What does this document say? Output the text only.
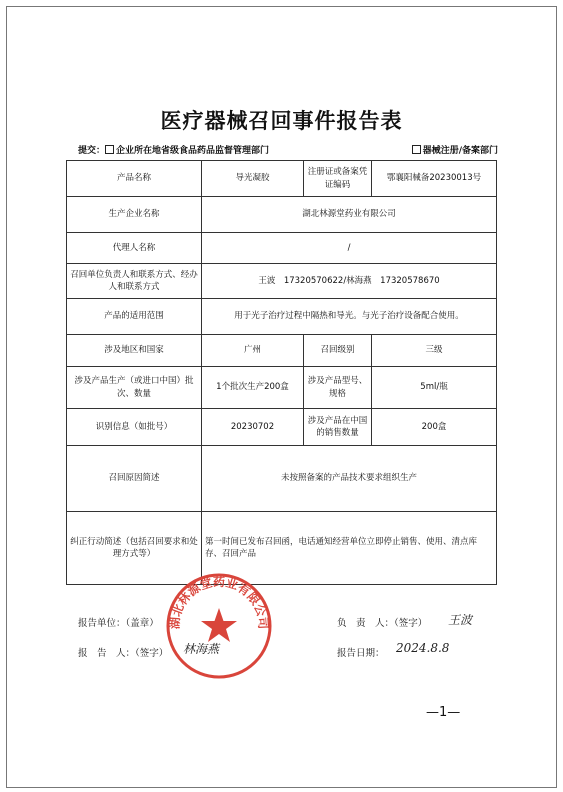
医疗器械召回事件报告表
提交： 企业所在地省级食品药品监督管理部门	器械注册/备案部门
产品名称	导光凝胶	注册证或备案凭证编码	鄂襄阳械备20230013号
生产企业名称	湖北林源堂药业有限公司		
代理人名称	/		
召回单位负责人和联系方式、经办人和联系方式	王波　17320570622/林海燕　17320578670		
产品的适用范围	用于光子治疗过程中隔热和导光。与光子治疗设备配合使用。		
涉及地区和国家	广州	召回级别	三级
涉及产品生产（或进口中国）批次、数量	1个批次生产200盒	涉及产品型号、规格	5ml/瓶
识别信息（如批号）	20230702	涉及产品在中国的销售数量	200盒
召回原因简述	未按照备案的产品技术要求组织生产		
纠正行动简述（包括召回要求和处理方式等）	第一时间已发布召回函，电话通知经营单位立即停止销售、使用、清点库存、召回产品		
报告单位：（盖章）	负　责　人：（签字） 王波
报　告　人：（签字） 林海燕	报告日期： 2024.8.8
湖北林源堂药业有限公司
—1—
